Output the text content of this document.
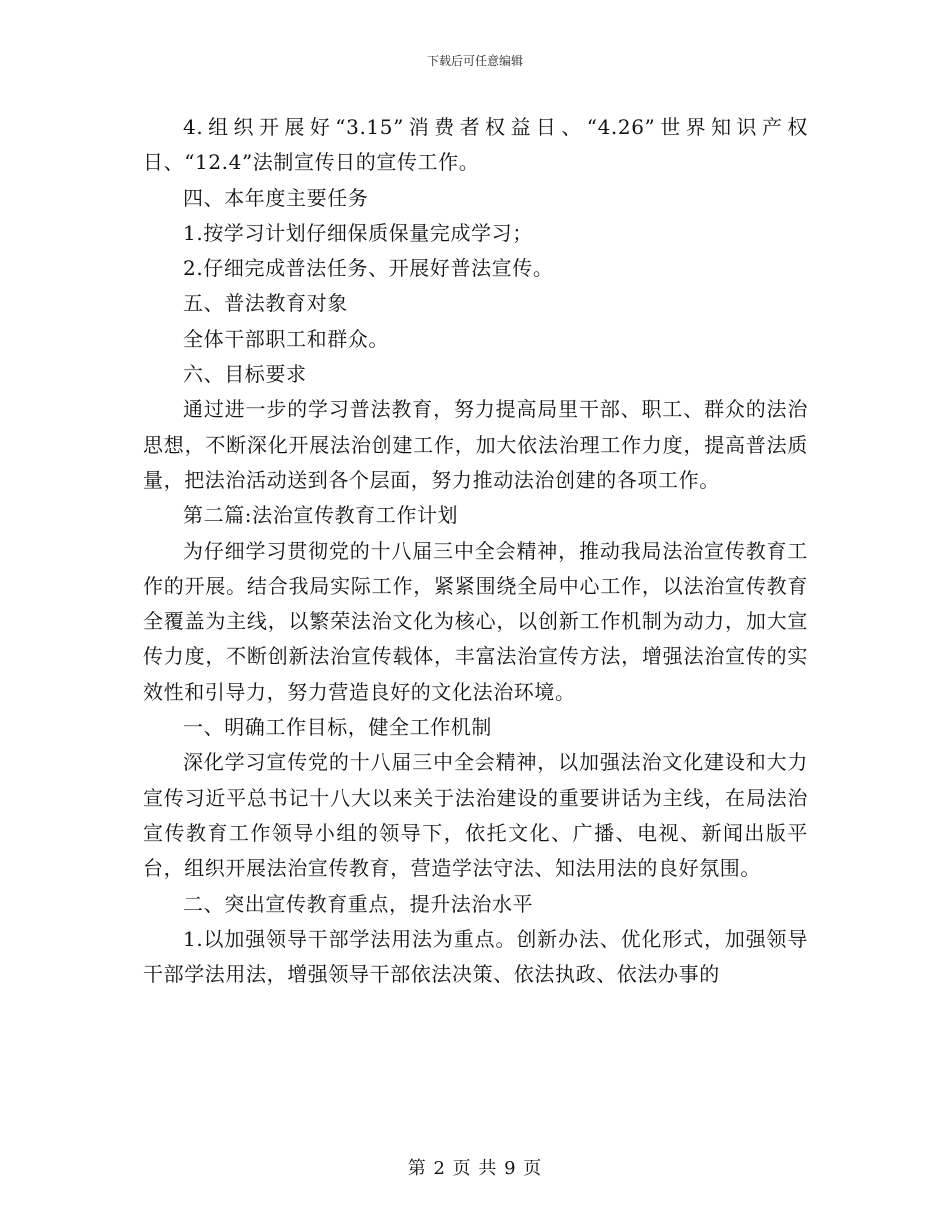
下载后可任意编辑

4.组织开展好“3.15”消费者权益日、“4.26”世界知识产权日、“12.4”法制宣传日的宣传工作。

四、本年度主要任务

1.按学习计划仔细保质保量完成学习；

2.仔细完成普法任务、开展好普法宣传。

五、普法教育对象

全体干部职工和群众。

六、目标要求

通过进一步的学习普法教育，努力提高局里干部、职工、群众的法治思想，不断深化开展法治创建工作，加大依法治理工作力度，提高普法质量，把法治活动送到各个层面，努力推动法治创建的各项工作。

第二篇:法治宣传教育工作计划

为仔细学习贯彻党的十八届三中全会精神，推动我局法治宣传教育工作的开展。结合我局实际工作，紧紧围绕全局中心工作，以法治宣传教育全覆盖为主线，以繁荣法治文化为核心，以创新工作机制为动力，加大宣传力度，不断创新法治宣传载体，丰富法治宣传方法，增强法治宣传的实效性和引导力，努力营造良好的文化法治环境。

一、明确工作目标，健全工作机制

深化学习宣传党的十八届三中全会精神，以加强法治文化建设和大力宣传习近平总书记十八大以来关于法治建设的重要讲话为主线，在局法治宣传教育工作领导小组的领导下，依托文化、广播、电视、新闻出版平台，组织开展法治宣传教育，营造学法守法、知法用法的良好氛围。

二、突出宣传教育重点，提升法治水平

1.以加强领导干部学法用法为重点。创新办法、优化形式，加强领导干部学法用法，增强领导干部依法决策、依法执政、依法办事的

第 2 页 共 9 页
